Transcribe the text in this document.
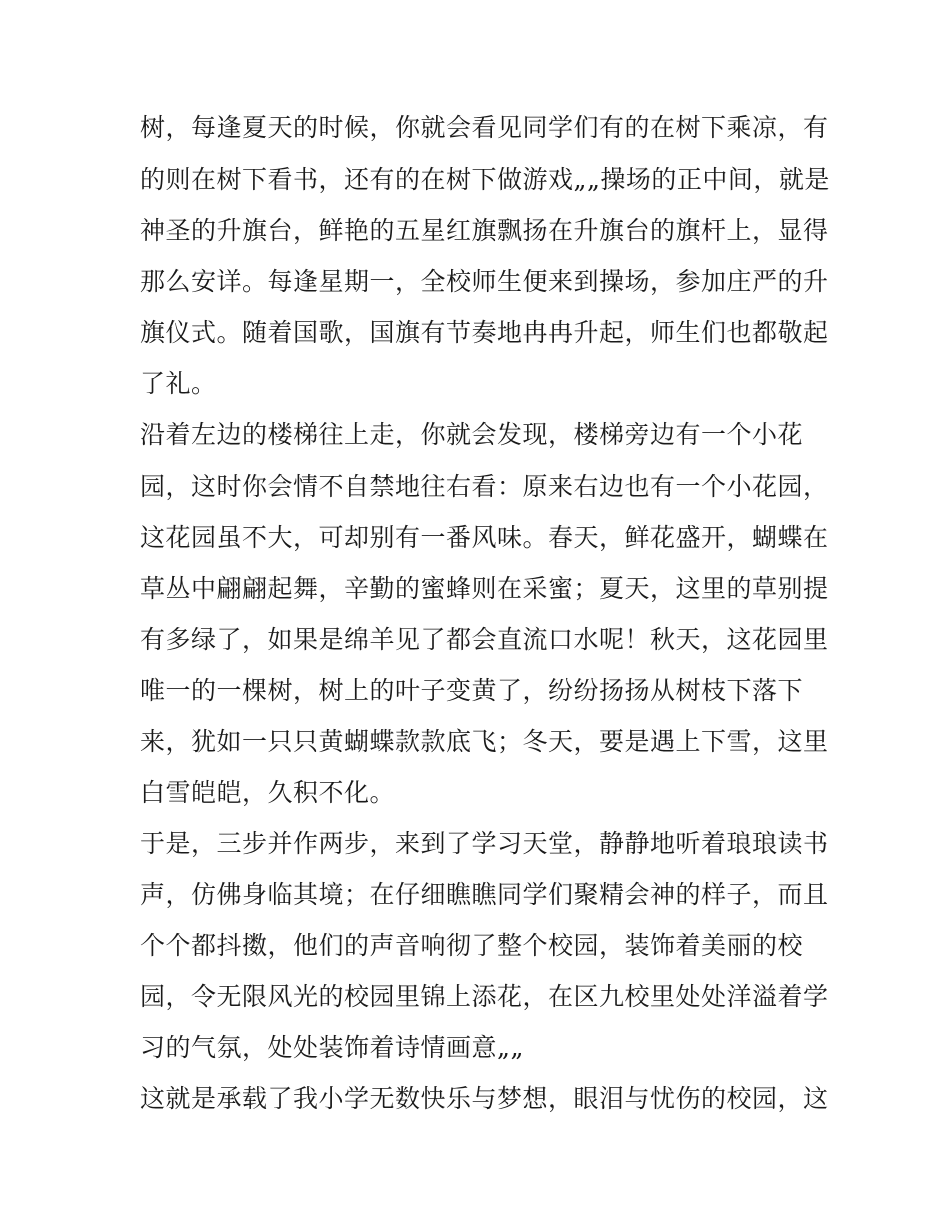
树，每逢夏天的时候，你就会看见同学们有的在树下乘凉，有
的则在树下看书，还有的在树下做游戏„„操场的正中间，就是
神圣的升旗台，鲜艳的五星红旗飘扬在升旗台的旗杆上，显得
那么安详。每逢星期一，全校师生便来到操场，参加庄严的升
旗仪式。随着国歌，国旗有节奏地冉冉升起，师生们也都敬起
了礼。
沿着左边的楼梯往上走，你就会发现，楼梯旁边有一个小花
园，这时你会情不自禁地往右看：原来右边也有一个小花园，
这花园虽不大，可却别有一番风味。春天，鲜花盛开，蝴蝶在
草丛中翩翩起舞，辛勤的蜜蜂则在采蜜；夏天，这里的草别提
有多绿了，如果是绵羊见了都会直流口水呢！秋天，这花园里
唯一的一棵树，树上的叶子变黄了，纷纷扬扬从树枝下落下
来，犹如一只只黄蝴蝶款款底飞；冬天，要是遇上下雪，这里
白雪皑皑，久积不化。
于是，三步并作两步，来到了学习天堂，静静地听着琅琅读书
声，仿佛身临其境；在仔细瞧瞧同学们聚精会神的样子，而且
个个都抖擞，他们的声音响彻了整个校园，装饰着美丽的校
园，令无限风光的校园里锦上添花，在区九校里处处洋溢着学
习的气氛，处处装饰着诗情画意„„
这就是承载了我小学无数快乐与梦想，眼泪与忧伤的校园，这
